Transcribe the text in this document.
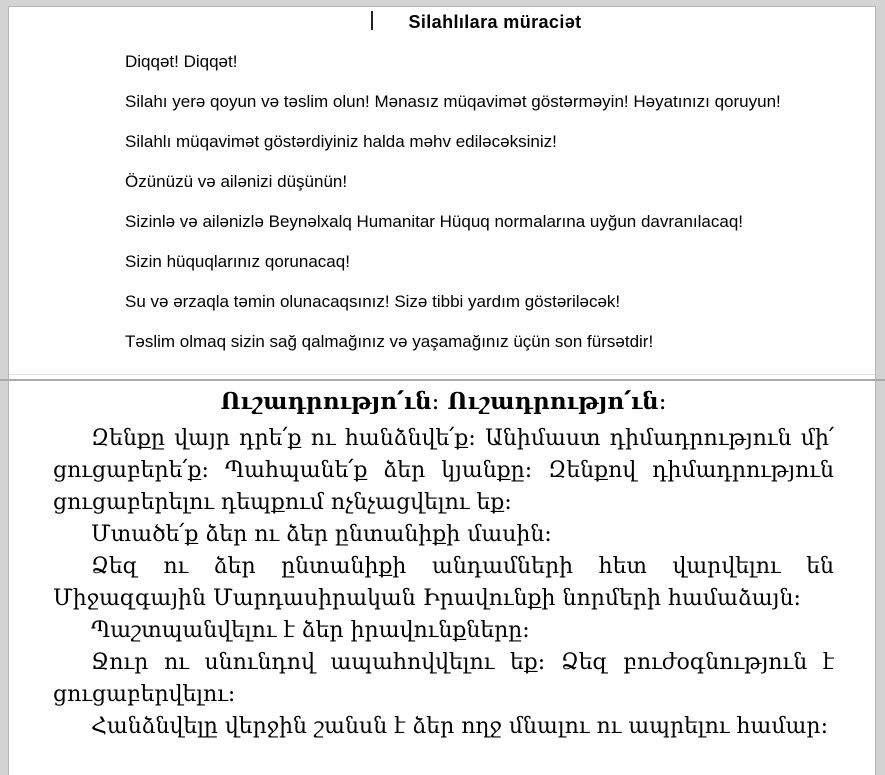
Silahlılara müraciət

Diqqət! Diqqət!

Silahı yerə qoyun və təslim olun! Mənasız müqavimət göstərməyin! Həyatınızı qoruyun!

Silahlı müqavimət göstərdiyiniz halda məhv ediləcəksiniz!

Özünüzü və ailənizi düşünün!

Sizinlə və ailənizlə Beynəlxalq Humanitar Hüquq normalarına uyğun davranılacaq!

Sizin hüquqlarınız qorunacaq!

Su və ərzaqla təmin olunacaqsınız! Sizə tibbi yardım göstəriləcək!

Təslim olmaq sizin sağ qalmağınız və yaşamağınız üçün son fürsətdir!

Ուշադրությո՛ւն։ Ուշադրությո՛ւն։

Զենքը վայր դրե՛ք ու հանձնվե՛ք։ Անիմաստ դիմադրություն մի՛ ցուցաբերե՛ք։ Պահպանե՛ք ձեր կյանքը։ Զենքով դիմադրություն ցուցաբերելու դեպքում ոչնչացվելու եք։

Մտածե՛ք ձեր ու ձեր ընտանիքի մասին։

Ձեզ ու ձեր ընտանիքի անդամների հետ վարվելու են Միջազգային Մարդասիրական Իրավունքի նորմերի համաձայն։

Պաշտպանվելու է ձեր իրավունքները։

Ջուր ու սնունդով ապահովվելու եք։ Ձեզ բուժօգնություն է ցուցաբերվելու։

Հանձնվելը վերջին շանսն է ձեր ողջ մնալու ու ապրելու համար։
